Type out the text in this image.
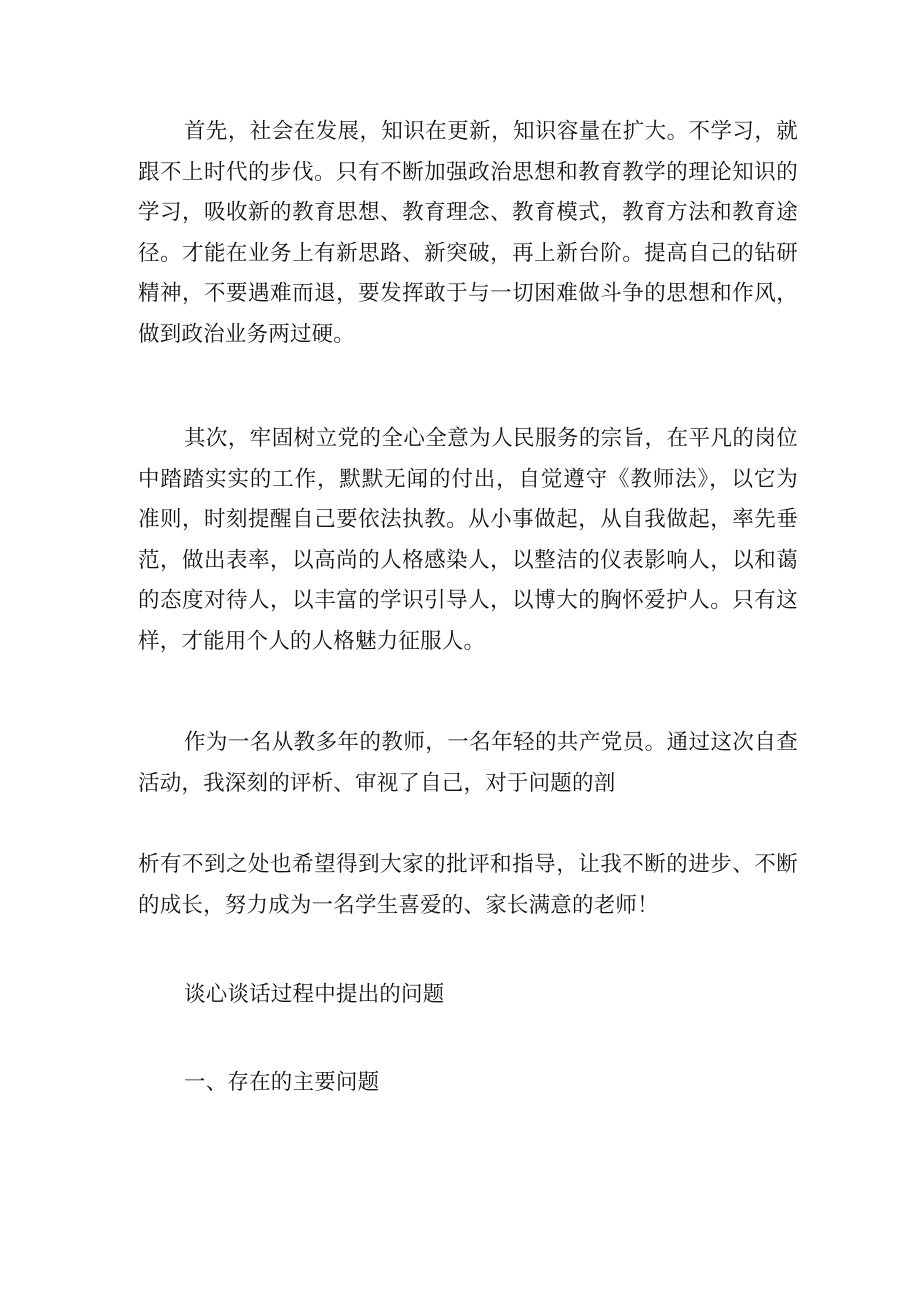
首先，社会在发展，知识在更新，知识容量在扩大。不学习，就跟不上时代的步伐。只有不断加强政治思想和教育教学的理论知识的学习，吸收新的教育思想、教育理念、教育模式，教育方法和教育途径。才能在业务上有新思路、新突破，再上新台阶。提高自己的钻研精神，不要遇难而退，要发挥敢于与一切困难做斗争的思想和作风，做到政治业务两过硬。

其次，牢固树立党的全心全意为人民服务的宗旨，在平凡的岗位中踏踏实实的工作，默默无闻的付出，自觉遵守《教师法》，以它为准则，时刻提醒自己要依法执教。从小事做起，从自我做起，率先垂范，做出表率，以高尚的人格感染人，以整洁的仪表影响人，以和蔼的态度对待人，以丰富的学识引导人，以博大的胸怀爱护人。只有这样，才能用个人的人格魅力征服人。

作为一名从教多年的教师，一名年轻的共产党员。通过这次自查活动，我深刻的评析、审视了自己，对于问题的剖

析有不到之处也希望得到大家的批评和指导，让我不断的进步、不断的成长，努力成为一名学生喜爱的、家长满意的老师！

谈心谈话过程中提出的问题

一、存在的主要问题
